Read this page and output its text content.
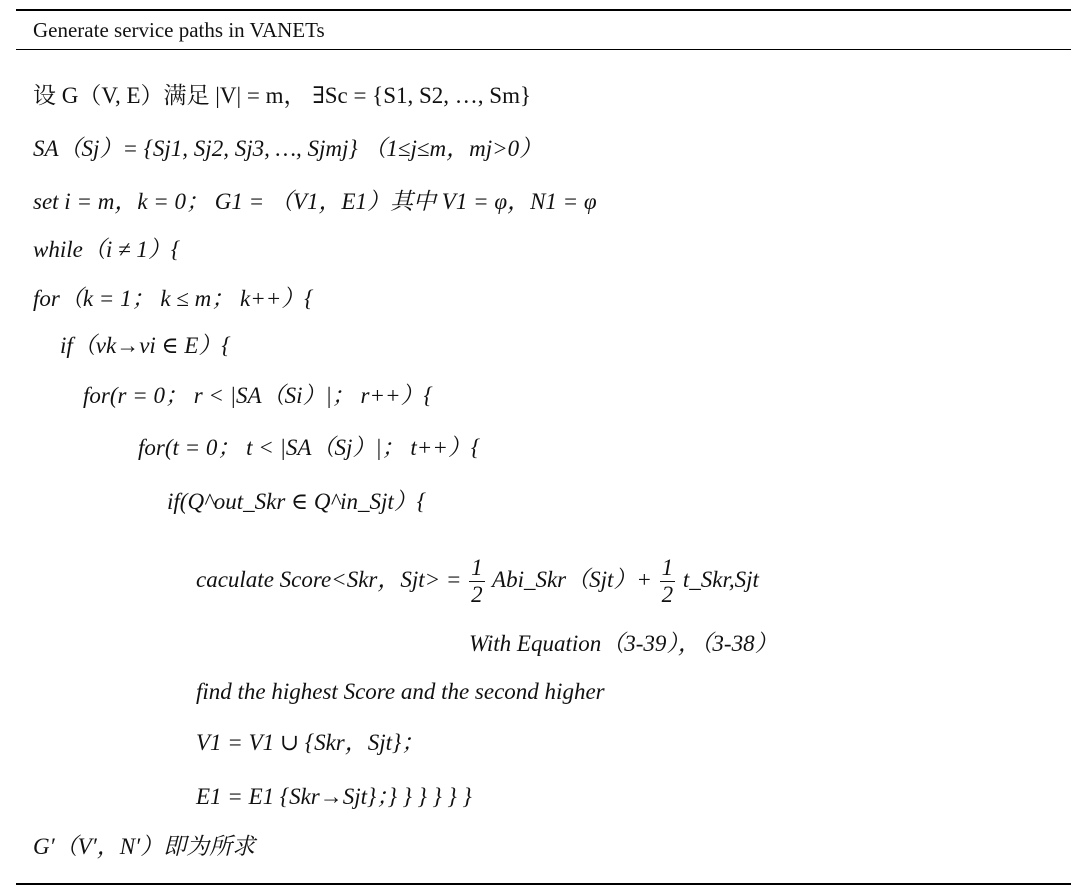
Generate service paths in VANETs
设 G（V, E）满足 |V| = m， ∃Sc = {S1, S2, …, Sm}
SA（Sj）= {Sj1, Sj2, Sj3, …, Sjmj} （1≤j≤m，mj>0）
set i = m，k = 0； G1 = （V1，E1）其中 V1 = φ，N1 = φ
while（i ≠ 1）{
for（k = 1； k ≤ m； k++）{
if（vk→vi ∈ E）{
for(r = 0； r < |SA（Si）|； r++）{
for(t = 0； t < |SA（Sj）|； t++）{
if(Q^out_Skr ∈ Q^in_Sjt）{
caculate Score<Skr，$Sjt> = \frac{1}{2}$ Abi_Skr（Sjt）+ $\frac{1}{2}$ t_Skr,Sjt
With Equation（3-39），（3-38）
find the highest Score and the second higher
V1 = V1 ∪ {Skr，Sjt}；
E1 = E1 {Skr→Sjt}；} } } } } }
G′（V′，N′）即为所求
